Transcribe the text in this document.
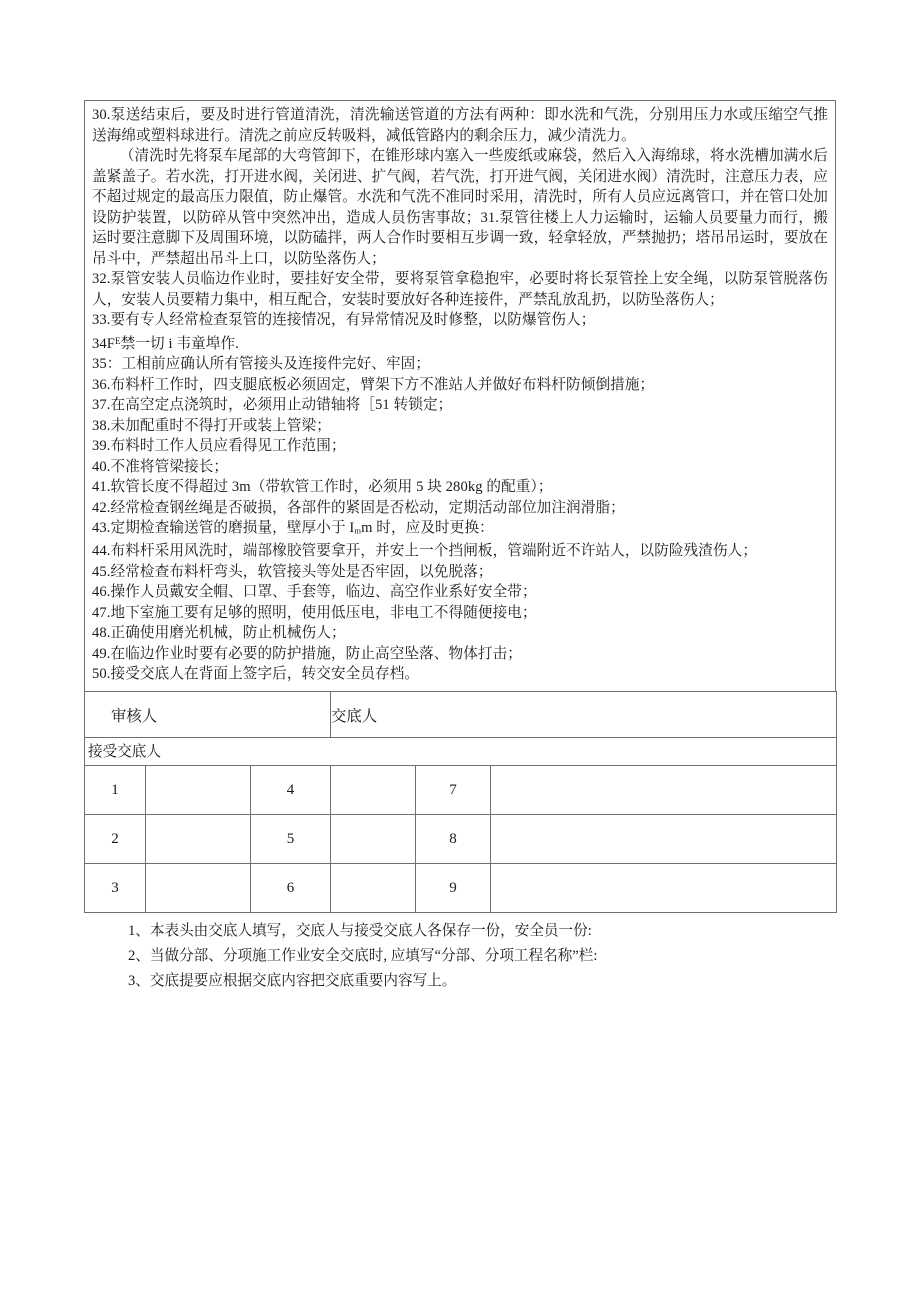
30.泵送结束后，要及时进行管道清洗，清洗输送管道的方法有两种：即水洗和气洗，分别用压力水或压缩空气推送海绵或塑料球进行。清洗之前应反转吸料，减低管路内的剩余压力，减少清洗力。

（清洗时先将泵车尾部的大弯管卸下，在锥形球内塞入一些废纸或麻袋，然后入入海绵球，将水洗槽加满水后盖紧盖子。若水洗，打开进水阀，关闭进、扩气阀，若气洗，打开进气阀，关闭进水阀）清洗时，注意压力表，应不超过规定的最高压力限值，防止爆管。水洗和气洗不准同时采用，清洗时，所有人员应远离管口，并在管口处加设防护装置，以防碎从管中突然冲出，造成人员伤害事故；31.泵管往楼上人力运输时，运输人员要量力而行，搬运时要注意脚下及周围环境，以防磕拌，两人合作时要相互步调一致，轻拿轻放，严禁抛扔；塔吊吊运时，要放在吊斗中，严禁超出吊斗上口，以防坠落伤人；

32.泵管安装人员临边作业时，要挂好安全带，要将泵管拿稳抱牢，必要时将长泵管拴上安全绳，以防泵管脱落伤人，安装人员要精力集中，相互配合，安装时要放好各种连接件，严禁乱放乱扔，以防坠落伤人；

33.要有专人经常检查泵管的连接情况，有异常情况及时修整，以防爆管伤人；

$34F^E$禁一切 i 韦童埠作.

35：工相前应确认所有管接头及连接件完好、牢固；

36.布料杆工作时，四支腿底板必须固定，臂架下方不准站人并做好布料杆防倾倒措施；

37.在高空定点浇筑时，必须用止动错轴将［51 转锁定；

38.未加配重时不得打开或装上管梁；

39.布料时工作人员应看得见工作范围；

40.不准将管梁接长；

41.软管长度不得超过 3m（带软管工作时，必须用 5 块 280kg 的配重）；

42.经常检查钢丝绳是否破损，各部件的紧固是否松动，定期活动部位加注润滑脂；

43.定期检查输送管的磨损量，壁厚小于 $I_mm$ 时，应及时更换：

44.布料杆采用风洗时，端部橡胶管要拿开，并安上一个挡闸板，管端附近不许站人，以防险残渣伤人；

45.经常检查布料杆弯头，软管接头等处是否牢固，以免脱落；

46.操作人员戴安全帽、口罩、手套等，临边、高空作业系好安全带；

47.地下室施工要有足够的照明，使用低压电，非电工不得随便接电；

48.正确使用磨光机械，防止机械伤人；

49.在临边作业时要有必要的防护措施，防止高空坠落、物体打击；

50.接受交底人在背面上签字后，转交安全员存档。

审核人			交底人		
接受交底人					
1		4		7	
2		5		8	
3		6		9	
1、本表头由交底人填写，交底人与接受交底人各保存一份，安全员一份:
2、当做分部、分项施工作业安全交底时, 应填写“分部、分项工程名称”栏:
3、交底提要应根据交底内容把交底重要内容写上。
